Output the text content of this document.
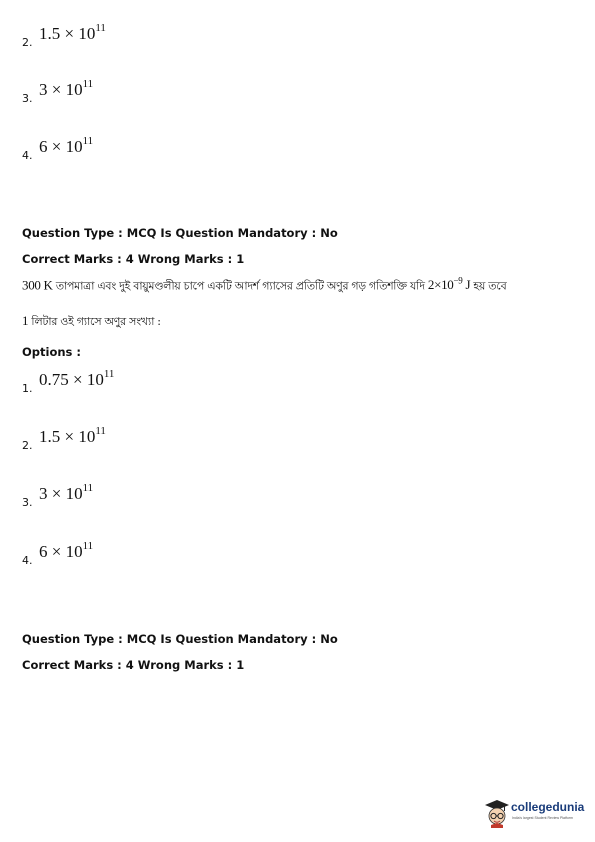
2. $1.5 \times 10^{11}$
3. $3 \times 10^{11}$
4. $6 \times 10^{11}$
Question Type : MCQ Is Question Mandatory : No
Correct Marks : 4 Wrong Marks : 1
300 K তাপমাত্রা এবং দুই বায়ুমণ্ডলীয় চাপে একটি আদর্শ গ্যাসের প্রতিটি অণুর গড় গতিশক্তি যদি $2\times 10^{-9}$ J হয় তবে
1 লিটার ওই গ্যাসে অণুর সংখ্যা :
Options :
1. $0.75 \times 10^{11}$
2. $1.5 \times 10^{11}$
3. $3 \times 10^{11}$
4. $6 \times 10^{11}$
Question Type : MCQ Is Question Mandatory : No
Correct Marks : 4 Wrong Marks : 1
collegedunia
India's largest Student Review Platform
